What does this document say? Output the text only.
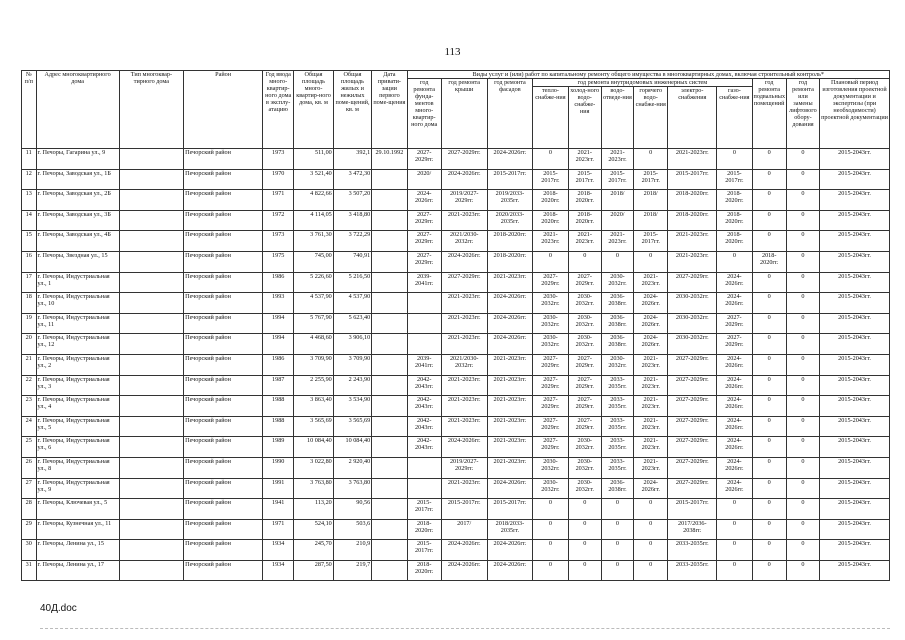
113
№ п/п	Адрес многоквартирного дома	Тип многоквар-тирного дома	Район	Год ввода много-квартир-ного дома в эксплу-атацию	Общая площадь много-квартир-ного дома, кв. м	Общая площадь жилых и нежилых поме-щений, кв. м	Дата привати-зации первого поме-щения	Виды услуг и (или) работ по капитальному ремонту общего имущества в многоквартирных домах, включая строительный контроль*											
								год ремонта фунда-ментов много-квартир-ного дома	год ремонта крыши	год ремонта фасадов	год ремонта внутридомовых инженерных систем						год ремонта подвальных помещений	год ремонта или замены лифтового обору-дования	Плановый период изготовления проектной документации и экспертизы (при необходимости) проектной документации
											тепло-снабже-ния	холод-ного водо-снабже-ния	водо-отведе-ния	горячего водо-снабже-ния	электро-снабжения	газо-снабже-ния			
11	г. Печоры, Гагарина ул., 9		Печорский район	1973	511,00	392,1	29.10.1992	2027-2029гг.	2027-2029гг.	2024-2026гг.	0	2021-2023гг.	2021-2023гг.	0	2021-2023гг.	0	0	0	2015-2043гг.
12	г. Печоры, Заводская ул., 1Б		Печорский район	1970	3 521,40	3 472,30		2020/	2024-2026гг.	2015-2017гг.	2015-2017гг.	2015-2017гг.	2015-2017гг.	2015-2017гг.	2015-2017гг.	2015-2017гг.	0	0	2015-2043гг.
13	г. Печоры, Заводская ул., 2Б		Печорский район	1971	4 822,66	3 507,20		2024-2026гг.	2019/2027-2029гг.	2019/2033-2035гг.	2018-2020гг.	2018-2020гг.	2018/	2018/	2018-2020гг.	2018-2020гг.	0	0	2015-2043гг.
14	г. Печоры, Заводская ул., 3Б		Печорский район	1972	4 114,05	3 418,80		2027-2029гг.	2021-2023гг.	2020/2033-2035гг.	2018-2020гг.	2018-2020гг.	2020/	2018/	2018-2020гг.	2018-2020гг.	0	0	2015-2043гг.
15	г. Печоры, Заводская ул., 4Б		Печорский район	1973	3 761,30	3 722,29		2027-2029гг.	2021/2030-2032гг.	2018-2020гг.	2021-2023гг.	2021-2023гг.	2021-2023гг.	2015-2017гг.	2021-2023гг.	2018-2020гг.	0	0	2015-2043гг.
16	г. Печоры, Звездная ул., 15		Печорский район	1975	745,00	740,91		2027-2029гг.	2024-2026гг.	2018-2020гг.	0	0	0	0	2021-2023гг.	0	2018-2020гг.	0	2015-2043гг.
17	г. Печоры, Индустриальная ул., 1		Печорский район	1986	5 226,60	5 216,50		2039-2041гг.	2027-2029гг.	2021-2023гг.	2027-2029гг.	2027-2029гг.	2030-2032гг.	2021-2023гг.	2027-2029гг.	2024-2026гг.	0	0	2015-2043гг.
18	г. Печоры, Индустриальная ул., 10		Печорский район	1993	4 537,90	4 537,90			2021-2023гг.	2024-2026гг.	2030-2032гг.	2030-2032гг.	2036-2038гг.	2024-2026гг.	2030-2032гг.	2024-2026гг.	0	0	2015-2043гг.
19	г. Печоры, Индустриальная ул., 11		Печорский район	1994	5 767,90	5 623,40			2021-2023гг.	2024-2026гг.	2030-2032гг.	2030-2032гг.	2036-2038гг.	2024-2026гг.	2030-2032гг.	2027-2029гг.	0	0	2015-2043гг.
20	г. Печоры, Индустриальная ул., 12		Печорский район	1994	4 468,60	3 906,10			2021-2023гг.	2024-2026гг.	2030-2032гг.	2030-2032гг.	2036-2038гг.	2024-2026гг.	2030-2032гг.	2027-2029гг.	0	0	2015-2043гг.
21	г. Печоры, Индустриальная ул., 2		Печорский район	1986	3 709,90	3 709,90		2039-2041гг.	2021/2030-2032гг.	2021-2023гг.	2027-2029гг.	2027-2029гг.	2030-2032гг.	2021-2023гг.	2027-2029гг.	2024-2026гг.	0	0	2015-2043гг.
22	г. Печоры, Индустриальная ул., 3		Печорский район	1987	2 255,90	2 243,90		2042-2043гг.	2021-2023гг.	2021-2023гг.	2027-2029гг.	2027-2029гг.	2033-2035гг.	2021-2023гг.	2027-2029гг.	2024-2026гг.	0	0	2015-2043гг.
23	г. Печоры, Индустриальная ул., 4		Печорский район	1988	3 863,40	3 534,90		2042-2043гг.	2021-2023гг.	2021-2023гг.	2027-2029гг.	2027-2029гг.	2033-2035гг.	2021-2023гг.	2027-2029гг.	2024-2026гг.	0	0	2015-2043гг.
24	г. Печоры, Индустриальная ул., 5		Печорский район	1988	3 565,69	3 565,69		2042-2043гг.	2021-2023гг.	2021-2023гг.	2027-2029гг.	2027-2029гг.	2033-2035гг.	2021-2023гг.	2027-2029гг.	2024-2026гг.	0	0	2015-2043гг.
25	г. Печоры, Индустриальная ул., 6		Печорский район	1989	10 084,40	10 084,40		2042-2043гг.	2024-2026гг.	2021-2023гг.	2027-2029гг.	2030-2032гг.	2033-2035гг.	2021-2023гг.	2027-2029гг.	2024-2026гг.	0	0	2015-2043гг.
26	г. Печоры, Индустриальная ул., 8		Печорский район	1990	3 022,80	2 920,40			2019/2027-2029гг.	2021-2023гг.	2030-2032гг.	2030-2032гг.	2033-2035гг.	2021-2023гг.	2027-2029гг.	2024-2026гг.	0	0	2015-2043гг.
27	г. Печоры, Индустриальная ул., 9		Печорский район	1991	3 763,80	3 763,80			2021-2023гг.	2024-2026гг.	2030-2032гг.	2030-2032гг.	2036-2038гг.	2024-2026гг.	2027-2029гг.	2024-2026гг.	0	0	2015-2043гг.
28	г. Печоры, Ключевая ул., 5		Печорский район	1941	113,20	90,56		2015-2017гг.	2015-2017гг.	2015-2017гг.	0	0	0	0	2015-2017гг.	0	0	0	2015-2043гг.
29	г. Печоры, Кузнечная ул., 11		Печорский район	1971	524,10	503,6		2018-2020гг.	2017/	2018/2033-2035гг.	0	0	0	0	2017/2036-2038гг.	0	0	0	2015-2043гг.
30	г. Печоры, Ленина ул., 15		Печорский район	1934	245,70	210,9		2015-2017гг.	2024-2026гг.	2024-2026гг.	0	0	0	0	2033-2035гг.	0	0	0	2015-2043гг.
31	г. Печоры, Ленина ул., 17		Печорский район	1934	287,50	219,7		2018-2020гг.	2024-2026гг.	2024-2026гг.	0	0	0	0	2033-2035гг.	0	0	0	2015-2043гг.
40Д.doc
